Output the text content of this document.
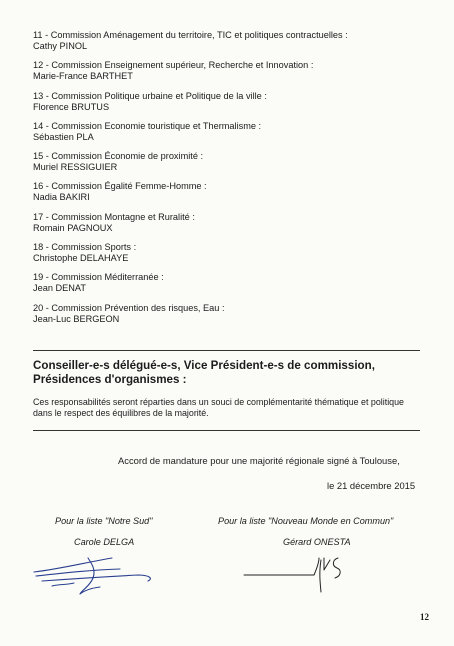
11 - Commission Aménagement du territoire, TIC et politiques contractuelles :
Cathy PINOL
12 - Commission Enseignement supérieur, Recherche et Innovation :
Marie-France BARTHET
13 - Commission Politique urbaine et Politique de la ville :
Florence BRUTUS
14 - Commission Economie touristique et Thermalisme :
Sébastien PLA
15 - Commission Économie de proximité :
Muriel RESSIGUIER
16 - Commission Égalité Femme-Homme :
Nadia BAKIRI
17 - Commission Montagne et Ruralité :
Romain PAGNOUX
18 - Commission Sports :
Christophe DELAHAYE
19 - Commission Méditerranée :
Jean DENAT
20 - Commission Prévention des risques, Eau :
Jean-Luc BERGEON
Conseiller-e-s délégué-e-s, Vice Président-e-s de commission, Présidences d'organismes :
Ces responsabilités seront réparties dans un souci de complémentarité thématique et politique dans le respect des équilibres de la majorité.
Accord de mandature pour une majorité régionale signé à Toulouse,
le 21 décembre 2015
Pour la liste "Notre Sud"	Pour la liste "Nouveau Monde en Commun"
Carole DELGA	Gérard ONESTA
12
